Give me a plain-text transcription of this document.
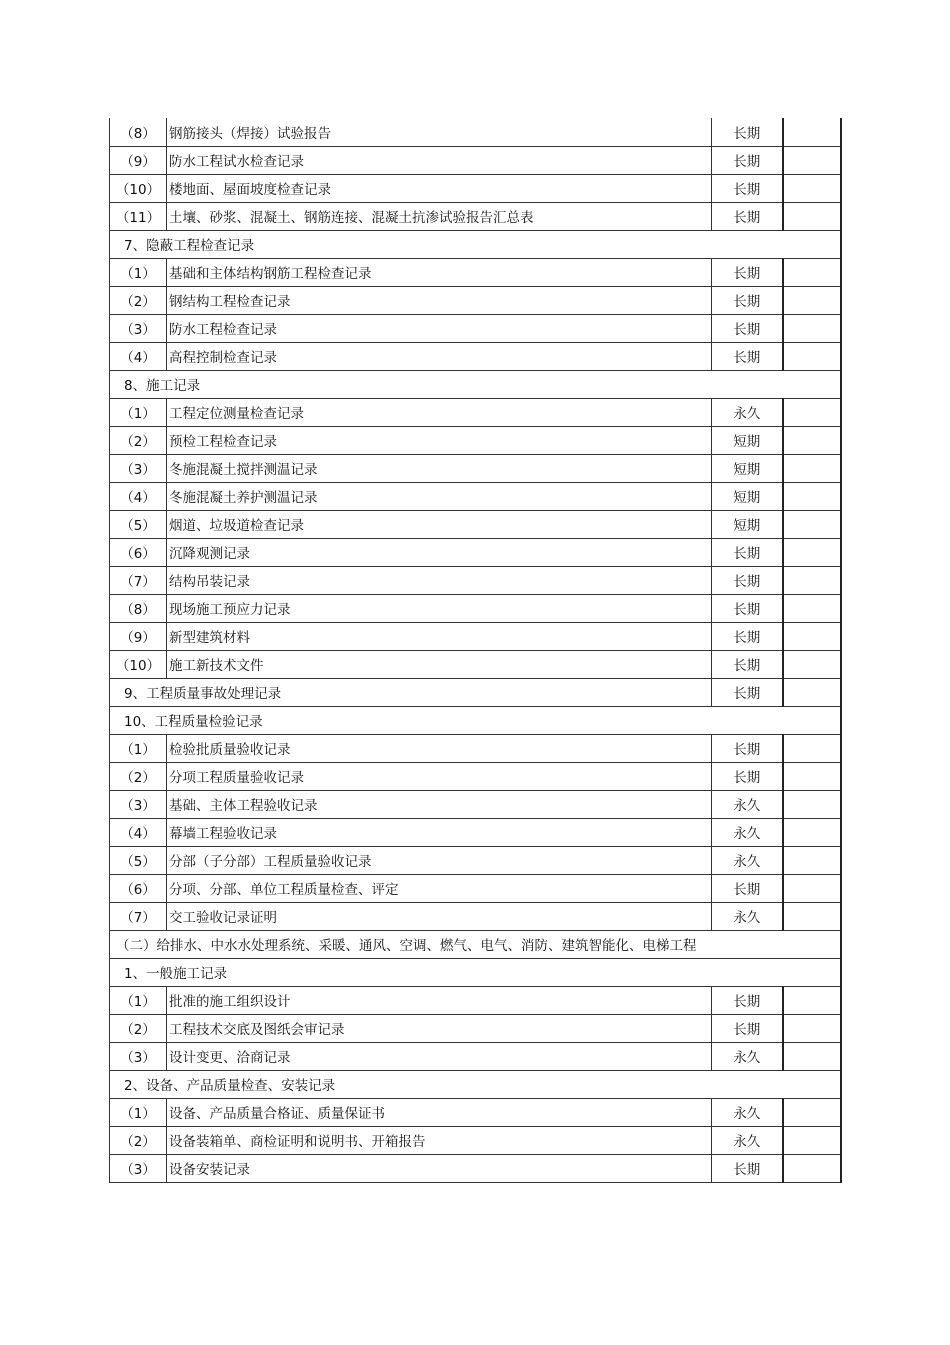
（8）	钢筋接头（焊接）试验报告	长期	
（9）	防水工程试水检查记录	长期	
（10）	楼地面、屋面坡度检查记录	长期	
（11）	土壤、砂浆、混凝土、钢筋连接、混凝土抗渗试验报告汇总表	长期	
7、隐蔽工程检查记录			
（1）	基础和主体结构钢筋工程检查记录	长期	
（2）	钢结构工程检查记录	长期	
（3）	防水工程检查记录	长期	
（4）	高程控制检查记录	长期	
8、施工记录			
（1）	工程定位测量检查记录	永久	
（2）	预检工程检查记录	短期	
（3）	冬施混凝土搅拌测温记录	短期	
（4）	冬施混凝土养护测温记录	短期	
（5）	烟道、垃圾道检查记录	短期	
（6）	沉降观测记录	长期	
（7）	结构吊装记录	长期	
（8）	现场施工预应力记录	长期	
（9）	新型建筑材料	长期	
（10）	施工新技术文件	长期	
9、工程质量事故处理记录		长期	
10、工程质量检验记录			
（1）	检验批质量验收记录	长期	
（2）	分项工程质量验收记录	长期	
（3）	基础、主体工程验收记录	永久	
（4）	幕墙工程验收记录	永久	
（5）	分部（子分部）工程质量验收记录	永久	
（6）	分项、分部、单位工程质量检查、评定	长期	
（7）	交工验收记录证明	永久	
（二）给排水、中水水处理系统、采暖、通风、空调、燃气、电气、消防、建筑智能化、电梯工程			
1、一般施工记录			
（1）	批准的施工组织设计	长期	
（2）	工程技术交底及图纸会审记录	长期	
（3）	设计变更、洽商记录	永久	
2、设备、产品质量检查、安装记录			
（1）	设备、产品质量合格证、质量保证书	永久	
（2）	设备装箱单、商检证明和说明书、开箱报告	永久	
（3）	设备安装记录	长期	
